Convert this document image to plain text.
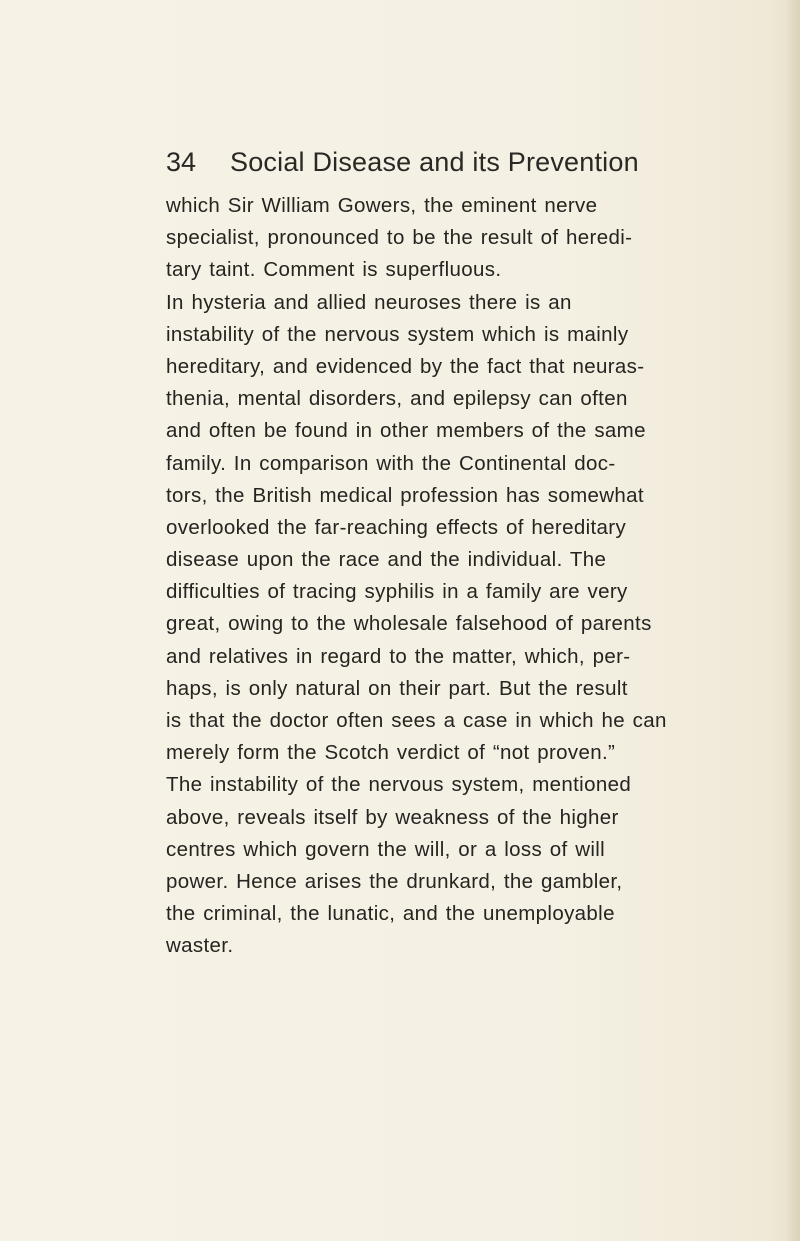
34 Social Disease and its Prevention
which Sir William Gowers, the eminent nerve
specialist, pronounced to be the result of heredi-
tary taint. Comment is superfluous.
In hysteria and allied neuroses there is an
instability of the nervous system which is mainly
hereditary, and evidenced by the fact that neuras-
thenia, mental disorders, and epilepsy can often
and often be found in other members of the same
family. In comparison with the Continental doc-
tors, the British medical profession has somewhat
overlooked the far-reaching effects of hereditary
disease upon the race and the individual. The
difficulties of tracing syphilis in a family are very
great, owing to the wholesale falsehood of parents
and relatives in regard to the matter, which, per-
haps, is only natural on their part. But the result
is that the doctor often sees a case in which he can
merely form the Scotch verdict of “not proven.”
The instability of the nervous system, mentioned
above, reveals itself by weakness of the higher
centres which govern the will, or a loss of will
power. Hence arises the drunkard, the gambler,
the criminal, the lunatic, and the unemployable
waster.
